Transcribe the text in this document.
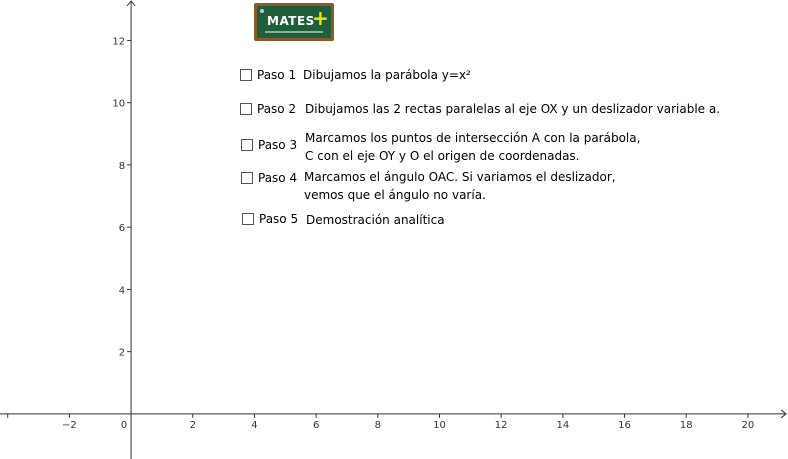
−2	0	2	4	6	8	10	12	14	16	18	20
2
4
6
8
10
12
MATES
+
Paso 1 Dibujamos la parábola y=x²
Paso 2 Dibujamos las 2 rectas paralelas al eje OX y un deslizador variable a.
Paso 3 Marcamos los puntos de intersección A con la parábola,
C con el eje OY y O el origen de coordenadas.
Paso 4 Marcamos el ángulo OAC. Si variamos el deslizador,
vemos que el ángulo no varía.
Paso 5 Demostración analítica
